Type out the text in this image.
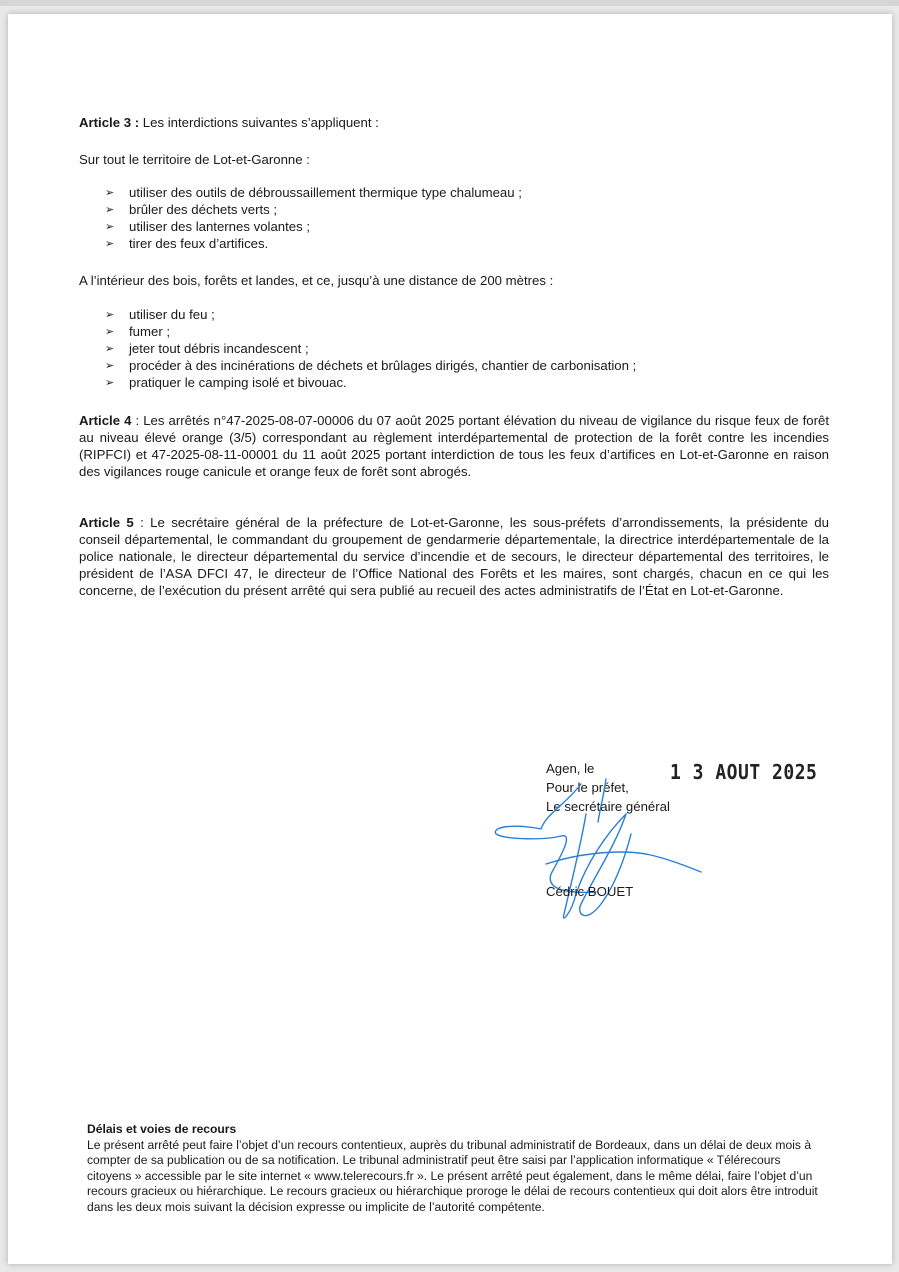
Article 3 : Les interdictions suivantes s’appliquent :

Sur tout le territoire de Lot-et-Garonne :

➢ utiliser des outils de débroussaillement thermique type chalumeau ;
➢ brûler des déchets verts ;
➢ utiliser des lanternes volantes ;
➢ tirer des feux d’artifices.

A l’intérieur des bois, forêts et landes, et ce, jusqu’à une distance de 200 mètres :

➢ utiliser du feu ;
➢ fumer ;
➢ jeter tout débris incandescent ;
➢ procéder à des incinérations de déchets et brûlages dirigés, chantier de carbonisation ;
➢ pratiquer le camping isolé et bivouac.

Article 4 : Les arrêtés n°47-2025-08-07-00006 du 07 août 2025 portant élévation du niveau de vigilance du risque feux de forêt au niveau élevé orange (3/5) correspondant au règlement interdépartemental de protection de la forêt contre les incendies (RIPFCI) et 47-2025-08-11-00001 du 11 août 2025 portant interdiction de tous les feux d’artifices en Lot-et-Garonne en raison des vigilances rouge canicule et orange feux de forêt sont abrogés.

Article 5 : Le secrétaire général de la préfecture de Lot-et-Garonne, les sous-préfets d’arrondissements, la présidente du conseil départemental, le commandant du groupement de gendarmerie départementale, la directrice interdépartementale de la police nationale, le directeur départemental du service d’incendie et de secours, le directeur départemental des territoires, le président de l’ASA DFCI 47, le directeur de l’Office National des Forêts et les maires, sont chargés, chacun en ce qui les concerne, de l’exécution du présent arrêté qui sera publié au recueil des actes administratifs de l’État en Lot-et-Garonne.

Agen, le
Pour le préfet,
Le secrétaire général
1 3 AOUT 2025
Cédric BOUET
Délais et voies de recours
Le présent arrêté peut faire l’objet d’un recours contentieux, auprès du tribunal administratif de Bordeaux, dans un délai de deux mois à compter de sa publication ou de sa notification. Le tribunal administratif peut être saisi par l’application informatique « Télérecours citoyens » accessible par le site internet « www.telerecours.fr ». Le présent arrêté peut également, dans le même délai, faire l’objet d’un recours gracieux ou hiérarchique. Le recours gracieux ou hiérarchique proroge le délai de recours contentieux qui doit alors être introduit dans les deux mois suivant la décision expresse ou implicite de l’autorité compétente.
